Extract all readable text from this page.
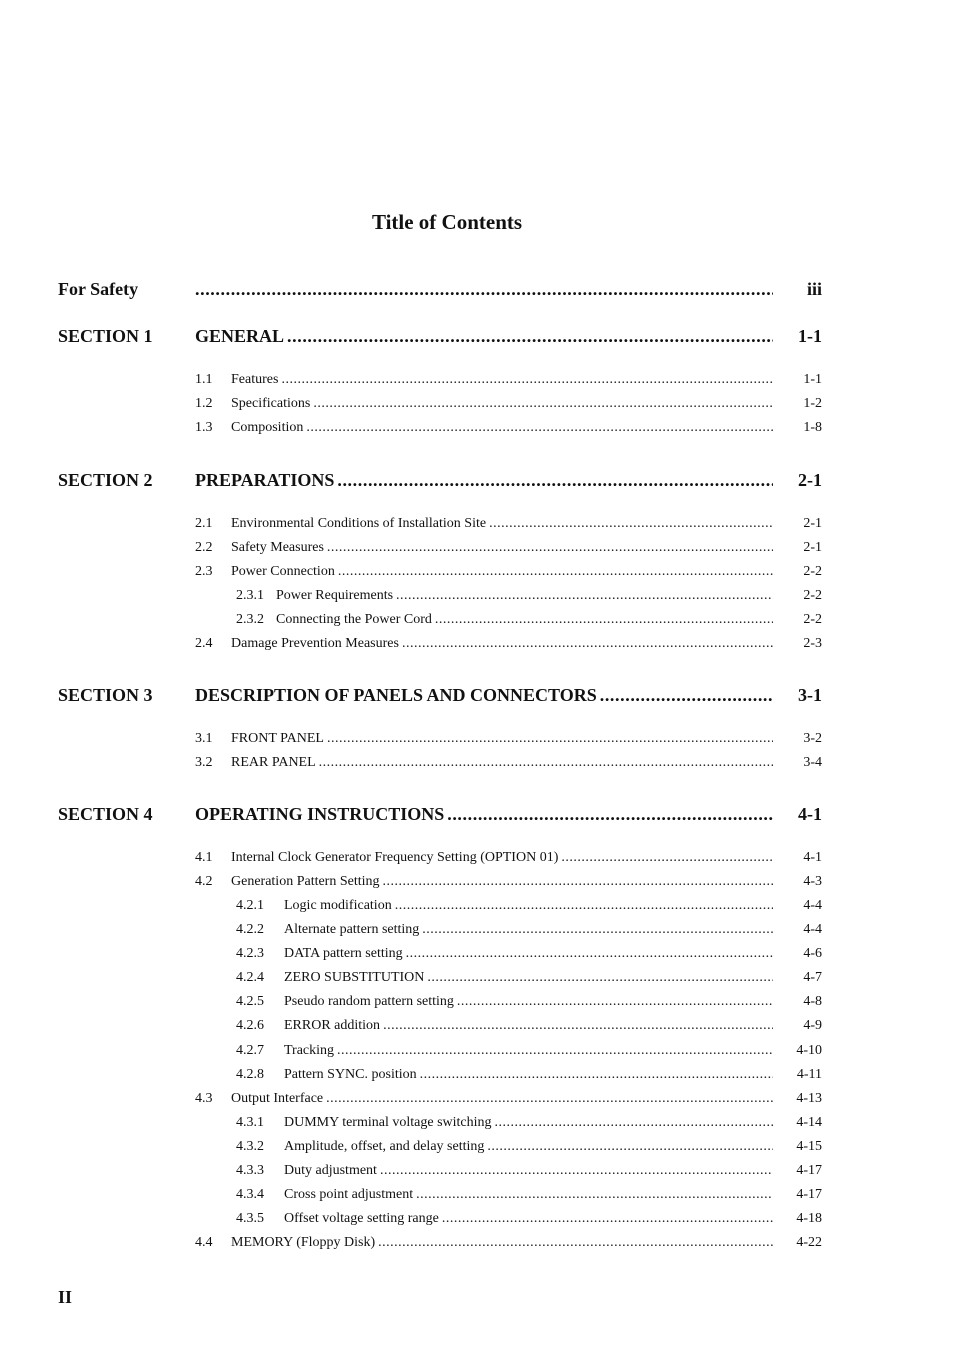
Title of Contents
For Safety .....	iii
SECTION 1 GENERAL .....	1-1
1.1	Features .....	1-1
1.2	Specifications .....	1-2
1.3	Composition .....	1-8
SECTION 2 PREPARATIONS .....	2-1
2.1	Environmental Conditions of Installation Site .....	2-1
2.2	Safety Measures .....	2-1
2.3	Power Connection .....	2-2
2.3.1 Power Requirements .....	2-2
2.3.2 Connecting the Power Cord .....	2-2
2.4	Damage Prevention Measures .....	2-3
SECTION 3 DESCRIPTION OF PANELS AND CONNECTORS .....	3-1
3.1	FRONT PANEL .....	3-2
3.2	REAR PANEL .....	3-4
SECTION 4 OPERATING INSTRUCTIONS .....	4-1
4.1	Internal Clock Generator Frequency Setting (OPTION 01) .....	4-1
4.2	Generation Pattern Setting .....	4-3
4.2.1	Logic modification .....	4-4
4.2.2	Alternate pattern setting .....	4-4
4.2.3	DATA pattern setting .....	4-6
4.2.4	ZERO SUBSTITUTION .....	4-7
4.2.5	Pseudo random pattern setting .....	4-8
4.2.6	ERROR addition .....	4-9
4.2.7	Tracking .....	4-10
4.2.8	Pattern SYNC. position .....	4-11
4.3	Output Interface .....	4-13
4.3.1	DUMMY terminal voltage switching .....	4-14
4.3.2	Amplitude, offset, and delay setting .....	4-15
4.3.3	Duty adjustment .....	4-17
4.3.4	Cross point adjustment .....	4-17
4.3.5	Offset voltage setting range .....	4-18
4.4	MEMORY (Floppy Disk) .....	4-22
II
